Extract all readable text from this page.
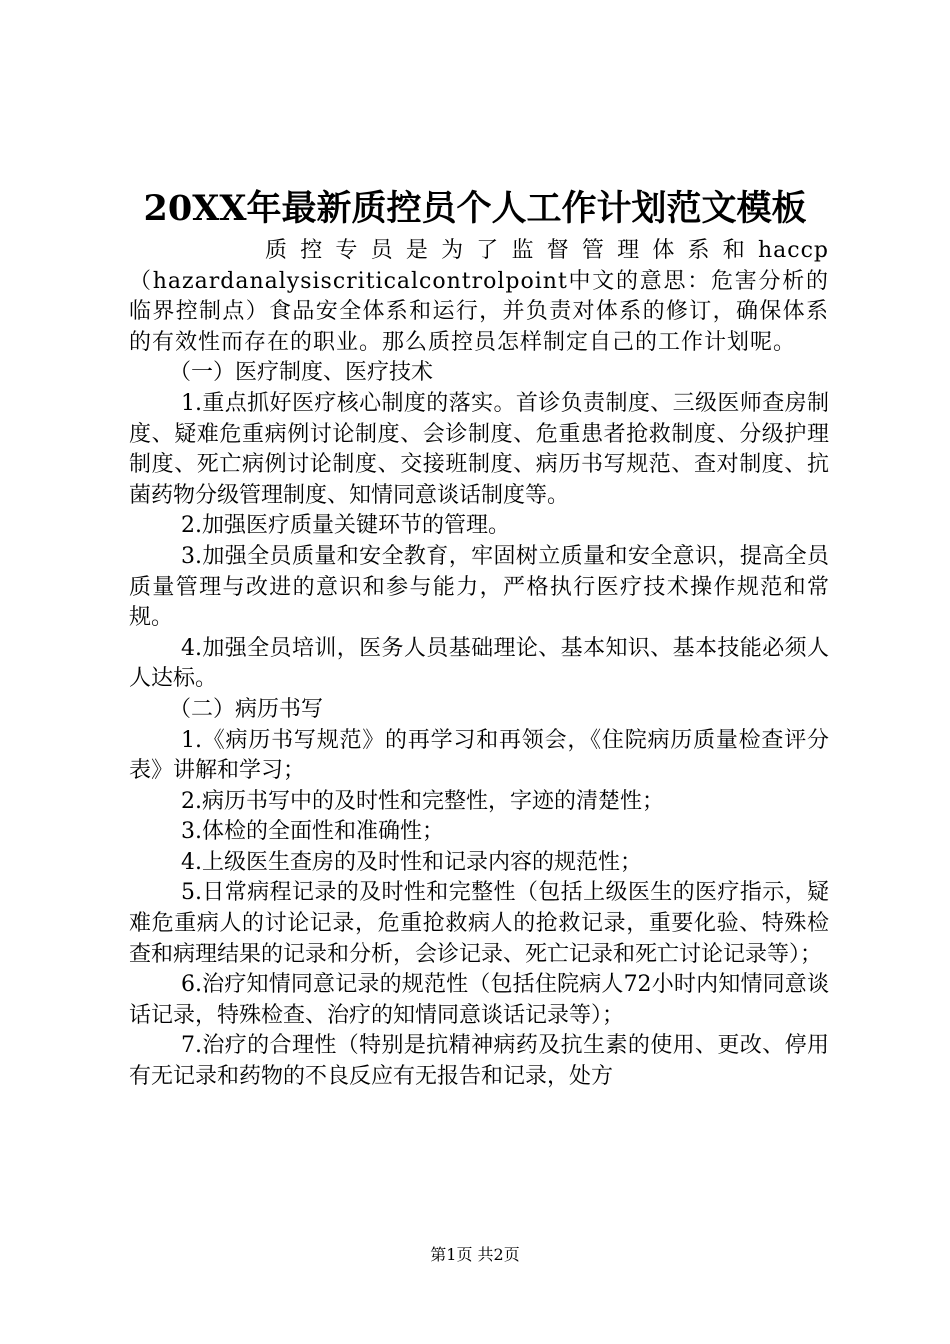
20XX年最新质控员个人工作计划范文模板

质控专员是为了监督管理体系和haccp（hazardanalysiscriticalcontrolpoint中文的意思：危害分析的临界控制点）食品安全体系和运行，并负责对体系的修订，确保体系的有效性而存在的职业。那么质控员怎样制定自己的工作计划呢。

（一）医疗制度、医疗技术

1.重点抓好医疗核心制度的落实。首诊负责制度、三级医师查房制度、疑难危重病例讨论制度、会诊制度、危重患者抢救制度、分级护理制度、死亡病例讨论制度、交接班制度、病历书写规范、查对制度、抗菌药物分级管理制度、知情同意谈话制度等。

2.加强医疗质量关键环节的管理。

3.加强全员质量和安全教育，牢固树立质量和安全意识，提高全员质量管理与改进的意识和参与能力，严格执行医疗技术操作规范和常规。

4.加强全员培训，医务人员基础理论、基本知识、基本技能必须人人达标。

（二）病历书写

1.《病历书写规范》的再学习和再领会，《住院病历质量检查评分表》讲解和学习；

2.病历书写中的及时性和完整性，字迹的清楚性；

3.体检的全面性和准确性；

4.上级医生查房的及时性和记录内容的规范性；

5.日常病程记录的及时性和完整性（包括上级医生的医疗指示，疑难危重病人的讨论记录，危重抢救病人的抢救记录，重要化验、特殊检查和病理结果的记录和分析，会诊记录、死亡记录和死亡讨论记录等）；

6.治疗知情同意记录的规范性（包括住院病人72小时内知情同意谈话记录，特殊检查、治疗的知情同意谈话记录等）；

7.治疗的合理性（特别是抗精神病药及抗生素的使用、更改、停用有无记录和药物的不良反应有无报告和记录，处方

第1页 共2页
